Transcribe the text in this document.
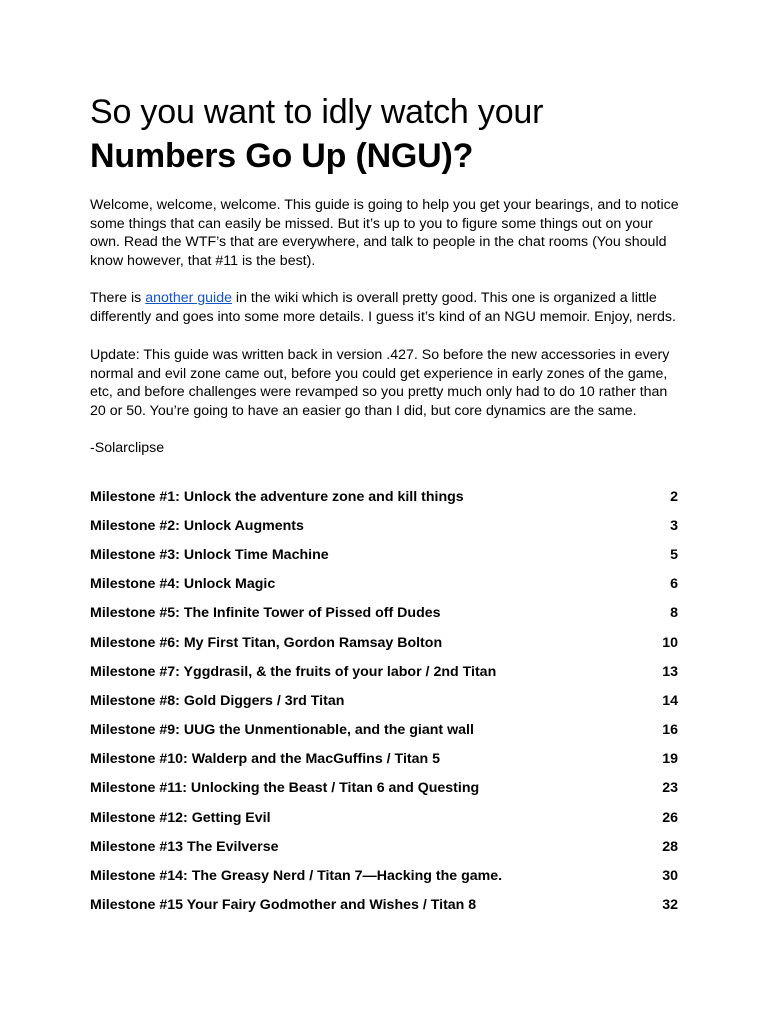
So you want to idly watch your
Numbers Go Up (NGU)?

Welcome, welcome, welcome. This guide is going to help you get your bearings, and to notice some things that can easily be missed. But it’s up to you to figure some things out on your own. Read the WTF’s that are everywhere, and talk to people in the chat rooms (You should know however, that #11 is the best).

There is another guide in the wiki which is overall pretty good. This one is organized a little differently and goes into some more details. I guess it’s kind of an NGU memoir. Enjoy, nerds.

Update: This guide was written back in version .427. So before the new accessories in every normal and evil zone came out, before you could get experience in early zones of the game, etc, and before challenges were revamped so you pretty much only had to do 10 rather than 20 or 50. You’re going to have an easier go than I did, but core dynamics are the same.

-Solarclipse

Milestone #1: Unlock the adventure zone and kill things	2
Milestone #2: Unlock Augments	3
Milestone #3: Unlock Time Machine	5
Milestone #4: Unlock Magic	6
Milestone #5: The Infinite Tower of Pissed off Dudes	8
Milestone #6: My First Titan, Gordon Ramsay Bolton	10
Milestone #7: Yggdrasil, & the fruits of your labor / 2nd Titan	13
Milestone #8: Gold Diggers / 3rd Titan	14
Milestone #9: UUG the Unmentionable, and the giant wall	16
Milestone #10: Walderp and the MacGuffins / Titan 5	19
Milestone #11: Unlocking the Beast / Titan 6 and Questing	23
Milestone #12: Getting Evil	26
Milestone #13 The Evilverse	28
Milestone #14: The Greasy Nerd / Titan 7—Hacking the game.	30
Milestone #15 Your Fairy Godmother and Wishes / Titan 8	32
